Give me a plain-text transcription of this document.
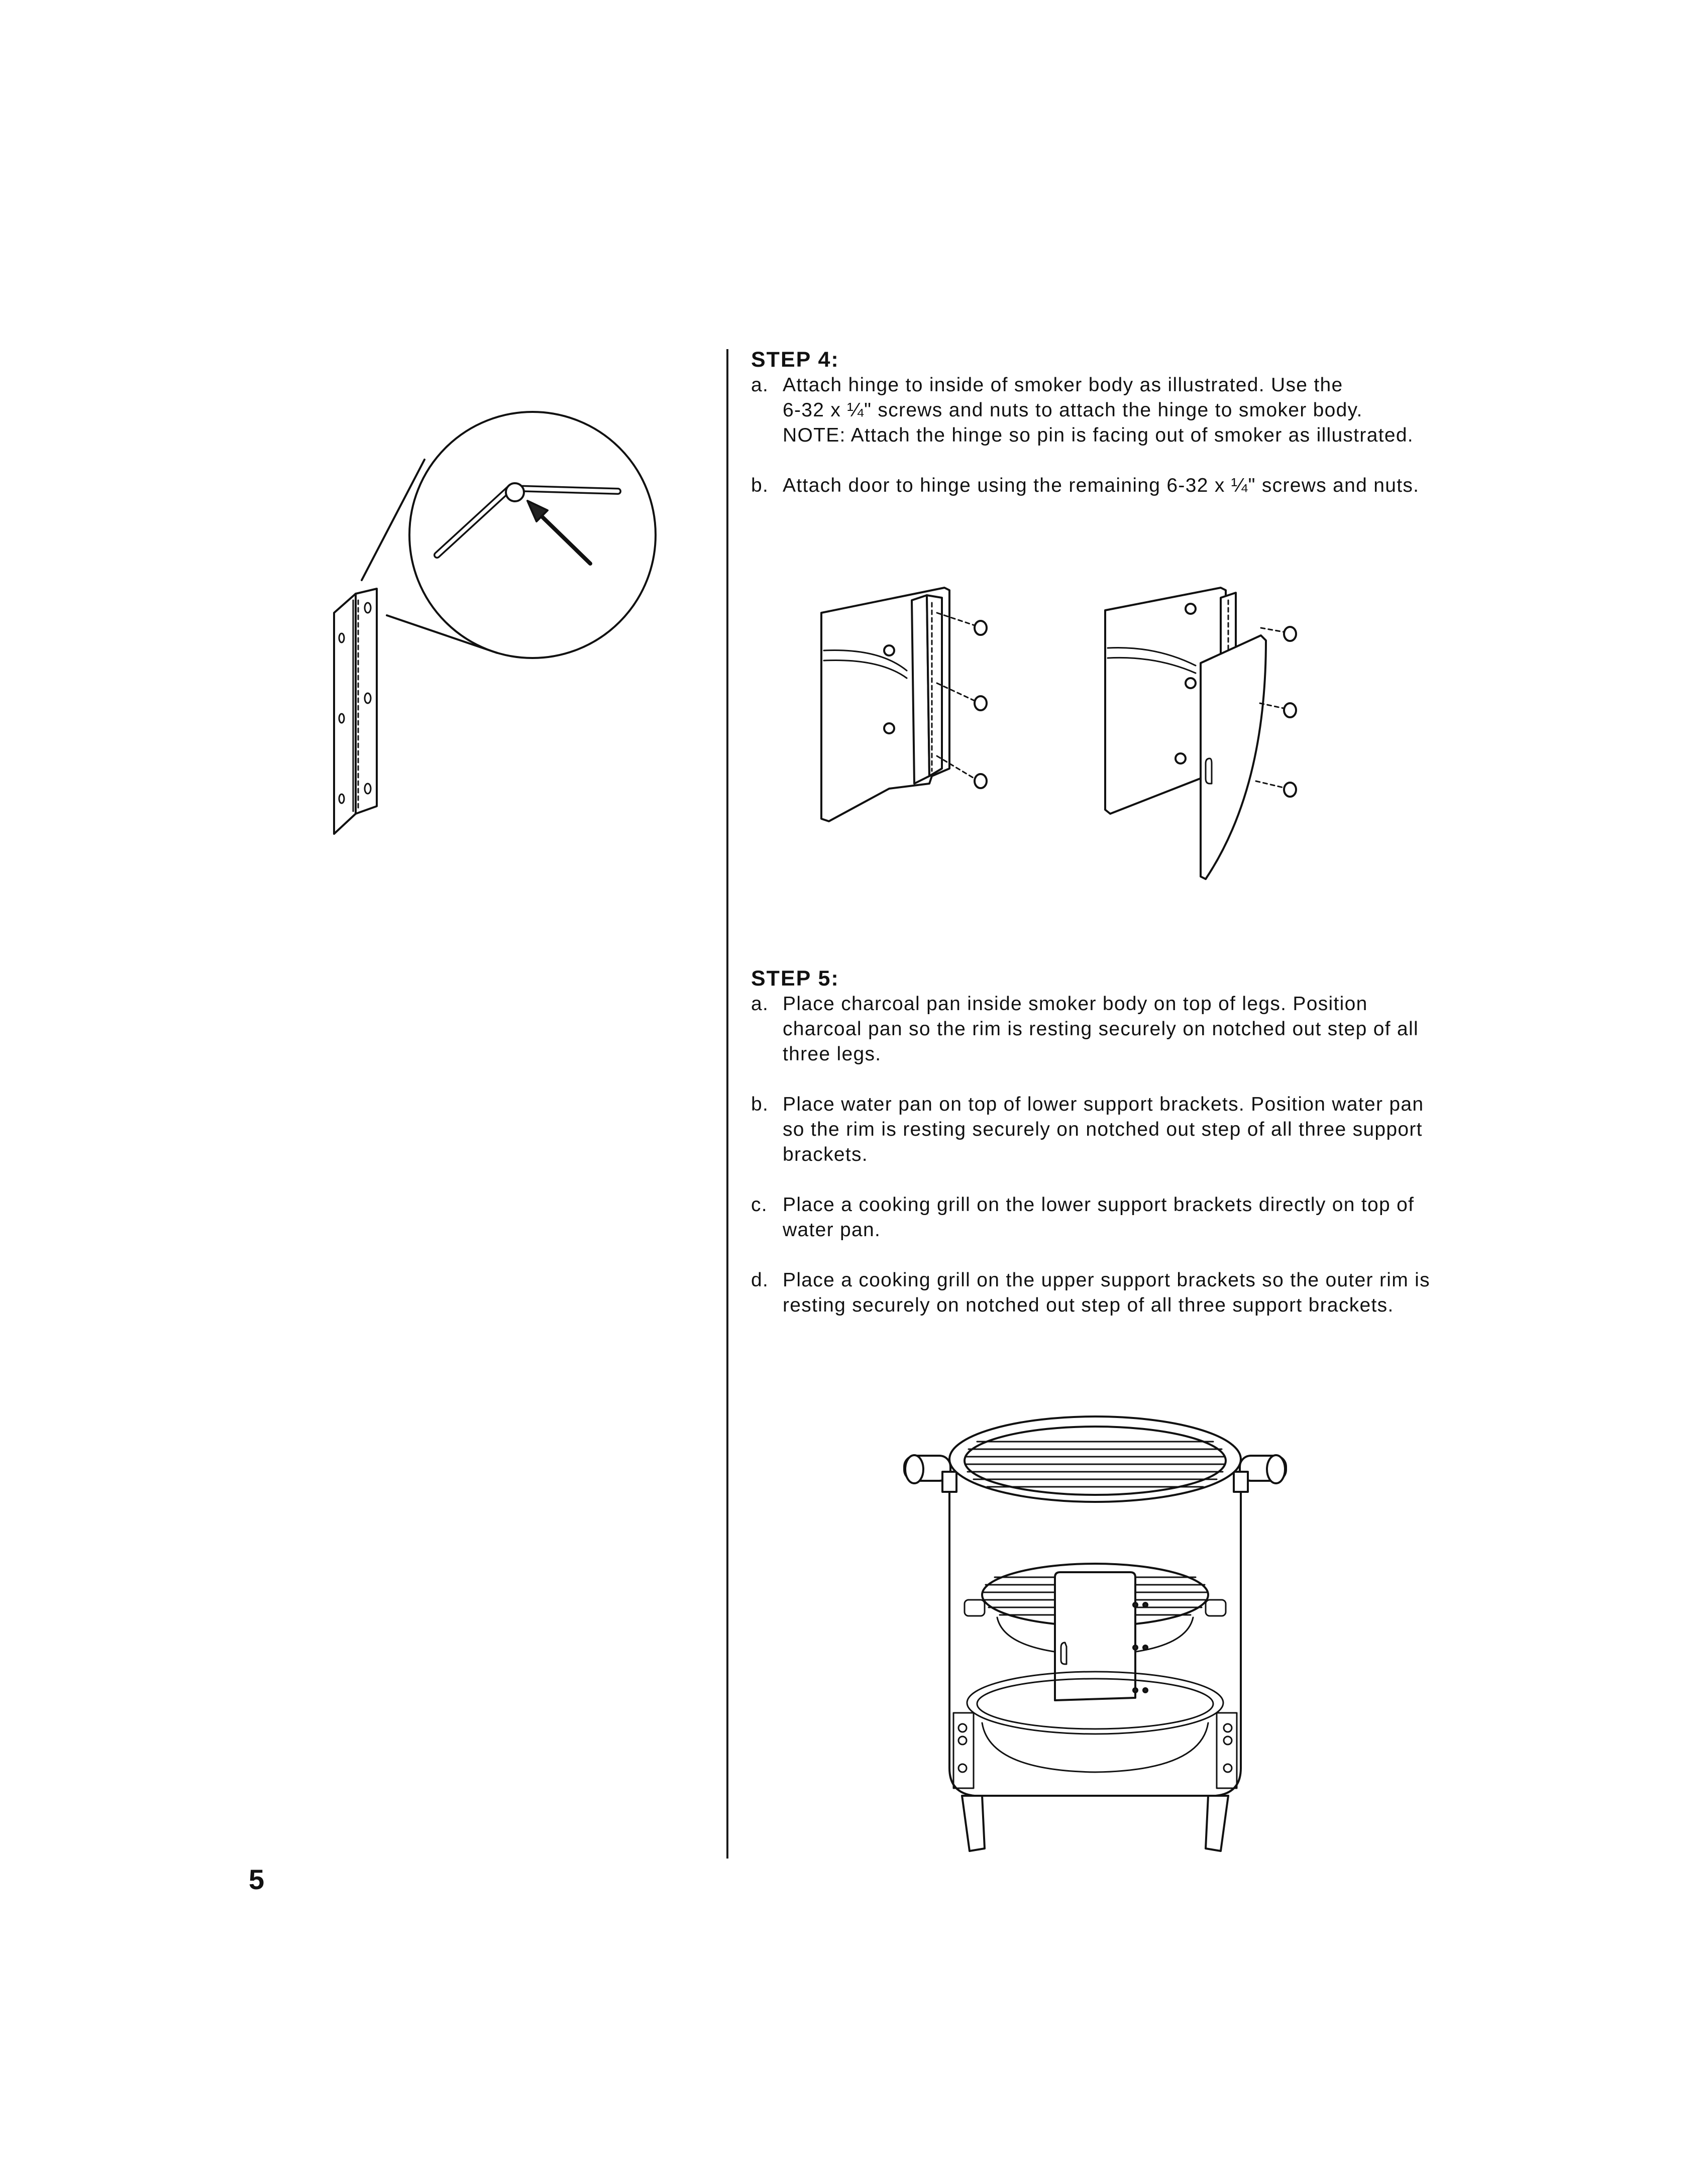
STEP 4:

a. Attach hinge to inside of smoker body as illustrated. Use the
6-32 x ¼" screws and nuts to attach the hinge to smoker body.
NOTE: Attach the hinge so pin is facing out of smoker as illustrated.
b. Attach door to hinge using the remaining 6-32 x ¼" screws and nuts.

STEP 5:

a. Place charcoal pan inside smoker body on top of legs. Position
charcoal pan so the rim is resting securely on notched out step of all
three legs.
b. Place water pan on top of lower support brackets. Position water pan
so the rim is resting securely on notched out step of all three support
brackets.
c. Place a cooking grill on the lower support brackets directly on top of
water pan.
d. Place a cooking grill on the upper support brackets so the outer rim is
resting securely on notched out step of all three support brackets.
5
